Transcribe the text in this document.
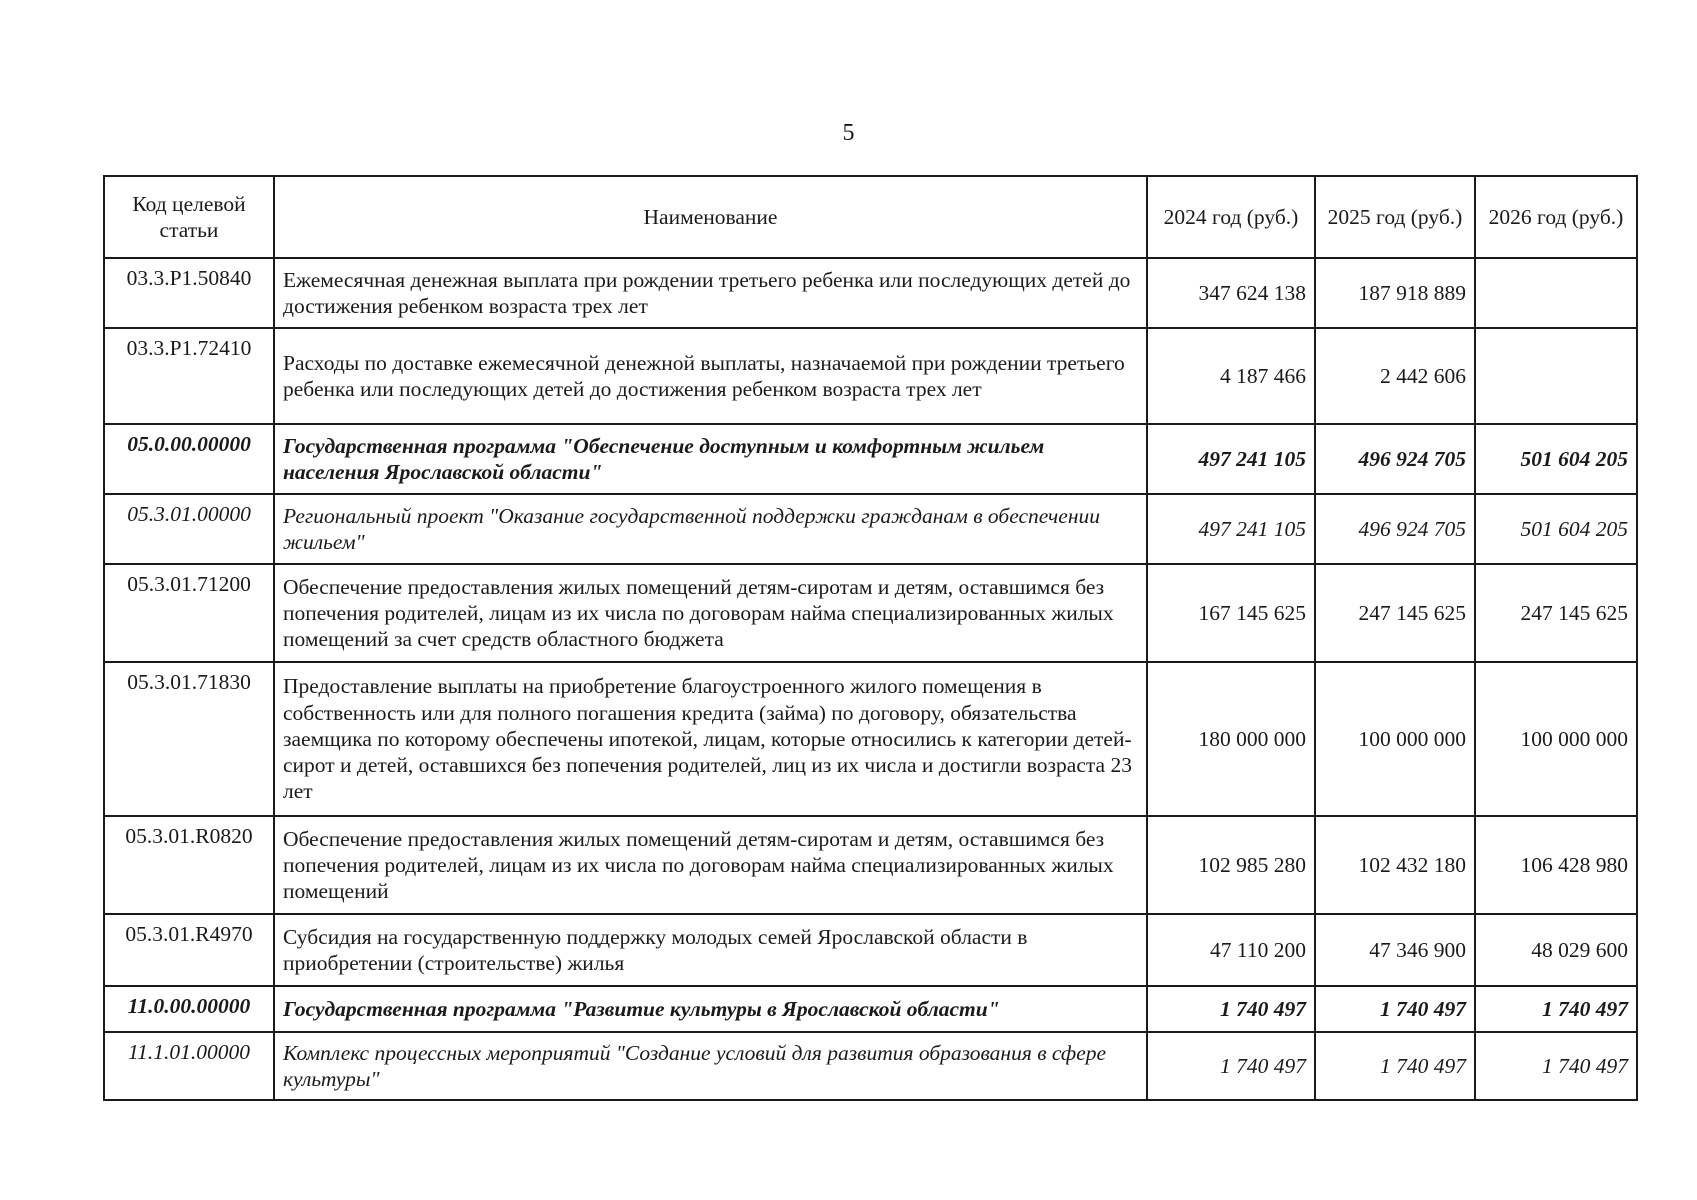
5
Код целевой статьи	Наименование	2024 год (руб.)	2025 год (руб.)	2026 год (руб.)
03.3.Р1.50840	Ежемесячная денежная выплата при рождении третьего ребенка или последующих детей до достижения ребенком возраста трех лет	347 624 138	187 918 889	
03.3.Р1.72410	Расходы по доставке ежемесячной денежной выплаты, назначаемой при рождении третьего ребенка или последующих детей до достижения ребенком возраста трех лет	4 187 466	2 442 606	
05.0.00.00000	Государственная программа "Обеспечение доступным и комфортным жильем населения Ярославской области"	497 241 105	496 924 705	501 604 205
05.3.01.00000	Региональный проект "Оказание государственной поддержки гражданам в обеспечении жильем"	497 241 105	496 924 705	501 604 205
05.3.01.71200	Обеспечение предоставления жилых помещений детям-сиротам и детям, оставшимся без попечения родителей, лицам из их числа по договорам найма специализированных жилых помещений за счет средств областного бюджета	167 145 625	247 145 625	247 145 625
05.3.01.71830	Предоставление выплаты на приобретение благоустроенного жилого помещения в собственность или для полного погашения кредита (займа) по договору, обязательства заемщика по которому обеспечены ипотекой, лицам, которые относились к категории детей-сирот и детей, оставшихся без попечения родителей, лиц из их числа и достигли возраста 23 лет	180 000 000	100 000 000	100 000 000
05.3.01.R0820	Обеспечение предоставления жилых помещений детям-сиротам и детям, оставшимся без попечения родителей, лицам из их числа по договорам найма специализированных жилых помещений	102 985 280	102 432 180	106 428 980
05.3.01.R4970	Субсидия на государственную поддержку молодых семей Ярославской области в приобретении (строительстве) жилья	47 110 200	47 346 900	48 029 600
11.0.00.00000	Государственная программа "Развитие культуры в Ярославской области"	1 740 497	1 740 497	1 740 497
11.1.01.00000	Комплекс процессных мероприятий "Создание условий для развития образования в сфере культуры"	1 740 497	1 740 497	1 740 497
